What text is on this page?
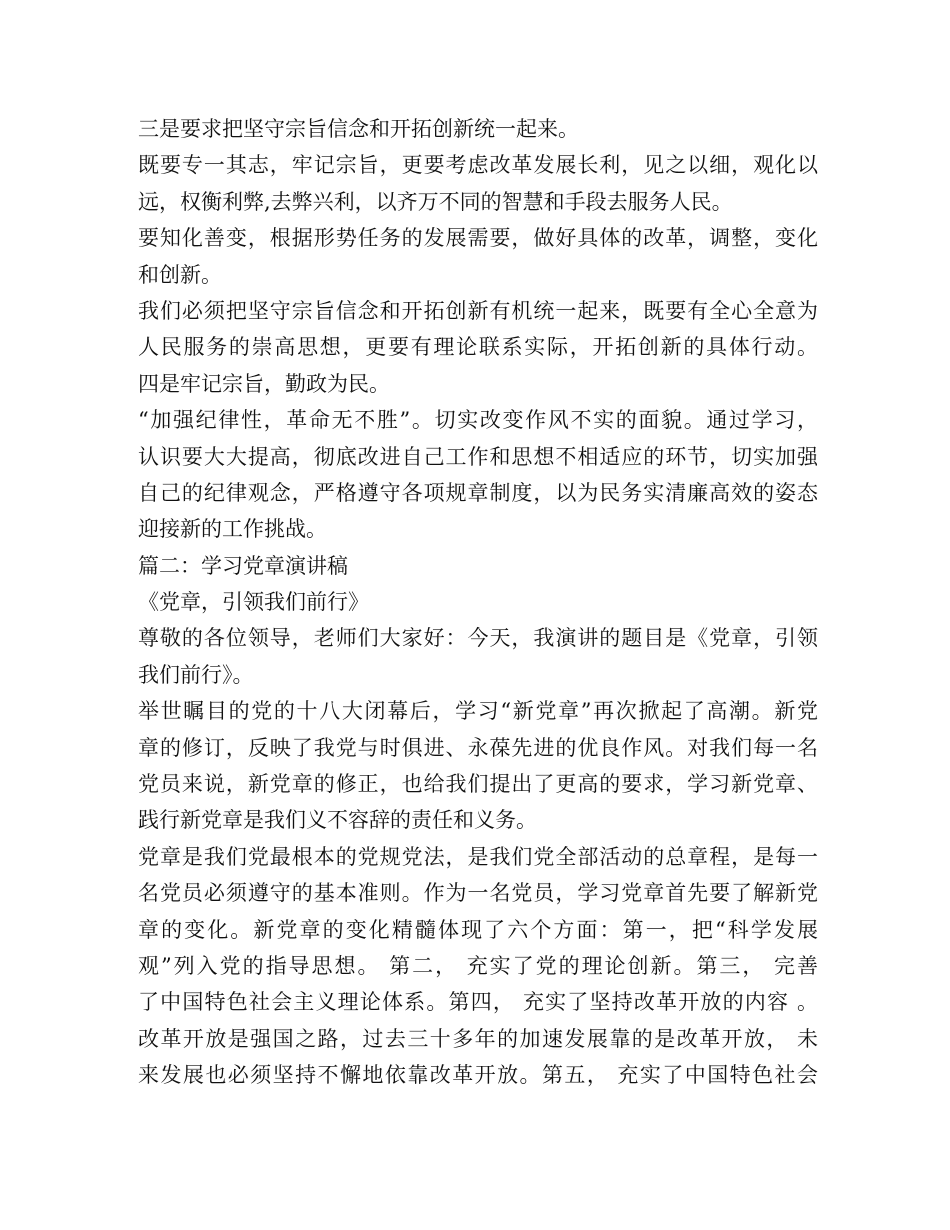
三是要求把坚守宗旨信念和开拓创新统一起来。
既要专一其志，牢记宗旨，更要考虑改革发展长利，见之以细，观化以
远，权衡利弊,去弊兴利，以齐万不同的智慧和手段去服务人民。
要知化善变，根据形势任务的发展需要，做好具体的改革，调整，变化
和创新。
我们必须把坚守宗旨信念和开拓创新有机统一起来，既要有全心全意为
人民服务的崇高思想，更要有理论联系实际，开拓创新的具体行动。
四是牢记宗旨，勤政为民。
“加强纪律性，革命无不胜”。切实改变作风不实的面貌。通过学习，
认识要大大提高，彻底改进自己工作和思想不相适应的环节，切实加强
自己的纪律观念，严格遵守各项规章制度，以为民务实清廉高效的姿态
迎接新的工作挑战。
篇二：学习党章演讲稿
《党章，引领我们前行》
尊敬的各位领导，老师们大家好：今天，我演讲的题目是《党章，引领
我们前行》。
举世瞩目的党的十八大闭幕后，学习“新党章”再次掀起了高潮。新党
章的修订，反映了我党与时俱进、永葆先进的优良作风。对我们每一名
党员来说，新党章的修正，也给我们提出了更高的要求，学习新党章、
践行新党章是我们义不容辞的责任和义务。
党章是我们党最根本的党规党法，是我们党全部活动的总章程，是每一
名党员必须遵守的基本准则。作为一名党员，学习党章首先要了解新党
章的变化。新党章的变化精髓体现了六个方面：第一，把“科学发展
观”列入党的指导思想。 第二， 充实了党的理论创新。第三， 完善
了中国特色社会主义理论体系。第四， 充实了坚持改革开放的内容 。
改革开放是强国之路，过去三十多年的加速发展靠的是改革开放， 未
来发展也必须坚持不懈地依靠改革开放。第五， 充实了中国特色社会
